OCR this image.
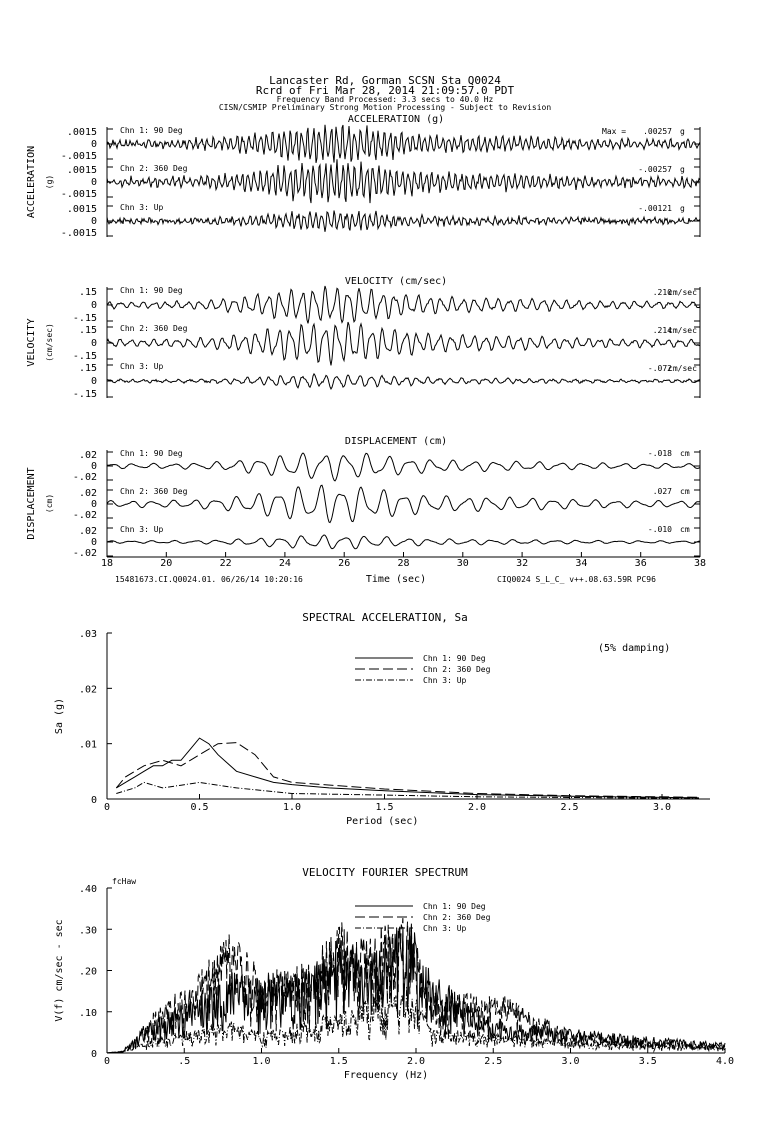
Lancaster Rd, Gorman SCSN Sta Q0024
Rcrd of Fri Mar 28, 2014 21:09:57.0 PDT
Frequency Band Processed: 3.3 secs to 40.0 Hz
CISN/CSMIP Preliminary Strong Motion Processing - Subject to Revision
15481673.CI.Q0024.01. 06/26/14 10:20:16	CIQ0024 S_L_C_ v++.08.63.59R PC96
Time (sec)
ACCELERATION (g)
ACCELERATION (g)
.0015
0
-.0015
Chn 1: 90 Deg	Max = .00257 g
.0015
0
-.0015
Chn 2: 360 Deg	-.00257 g
.0015
0
-.0015
Chn 3: Up	-.00121 g
VELOCITY (cm/sec)
VELOCITY (cm/sec)
.15
0
-.15
Chn 1: 90 Deg	.210
cm/sec
.15
0
-.15
Chn 2: 360 Deg	.214
cm/sec
.15
0
-.15
Chn 3: Up	-.072
cm/sec
DISPLACEMENT (cm)
DISPLACEMENT (cm)
18	20	22	24	26	28	30	32	34	36	38
.02
0
-.02
Chn 1: 90 Deg	-.018 cm
.02
0
-.02
Chn 2: 360 Deg	.027 cm
.02
0
-.02
Chn 3: Up	-.010 cm
SPECTRAL ACCELERATION, Sa
0	0.5	1.0	1.5	2.0	2.5	3.0
0
.01
.02
.03
Period (sec)
Sa (g)
Chn 1: 90 Deg
Chn 2: 360 Deg
Chn 3: Up
(5% damping)
VELOCITY FOURIER SPECTRUM
0	.5	1.0	1.5	2.0	2.5	3.0	3.5	4.0
0
.10
.20
.30
.40
Frequency (Hz)
V(f) cm/sec - sec
Chn 1: 90 Deg
Chn 2: 360 Deg
Chn 3: Up
fcHaw
